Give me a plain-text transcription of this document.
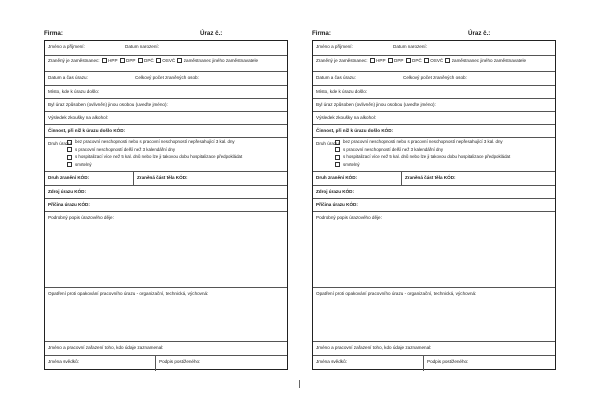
Firma:	Úraz č.:
Jméno a příjmení:	Datum narození:
Zraněný je zaměstnanec: HPP DPP DPČ OSVČ zaměstnanec jiného zaměstnavatele
Datum a čas úrazu:	Celkový počet zraněných osob:
Místo, kde k úrazu došlo:
Byl úraz způsoben (ovlivněn) jinou osobou (uveďte jméno):
Výsledek zkoušky na alkohol:
Činnost, při níž k úrazu došlo KÓD:
Druh úrazu: bez pracovní neschopnosti nebo s pracovní neschopností nepřesahující 3 kal. dny
s pracovní neschopností delší než 3 kalendářní dny
s hospitalizací více než 5 kal. dnů nebo lze ji takovou dobu hospitalizace předpokládat
smrtelný
Druh zranění KÓD:	Zraněná část těla KÓD:
Zdroj úrazu KÓD:
Příčina úrazu KÓD:
Podrobný popis úrazového děje:
Opatření proti opakování pracovního úrazu - organizační, technická, výchovná:
Jméno a pracovní zařazení toho, kdo údaje zaznamenal:
Jména svědků:	Podpis postiženého:
Firma:	Úraz č.:
Jméno a příjmení:	Datum narození:
Zraněný je zaměstnanec: HPP DPP DPČ OSVČ zaměstnanec jiného zaměstnavatele
Datum a čas úrazu:	Celkový počet zraněných osob:
Místo, kde k úrazu došlo:
Byl úraz způsoben (ovlivněn) jinou osobou (uveďte jméno):
Výsledek zkoušky na alkohol:
Činnost, při níž k úrazu došlo KÓD:
Druh úrazu: bez pracovní neschopnosti nebo s pracovní neschopností nepřesahující 3 kal. dny
s pracovní neschopností delší než 3 kalendářní dny
s hospitalizací více než 5 kal. dnů nebo lze ji takovou dobu hospitalizace předpokládat
smrtelný
Druh zranění KÓD:	Zraněná část těla KÓD:
Zdroj úrazu KÓD:
Příčina úrazu KÓD:
Podrobný popis úrazového děje:
Opatření proti opakování pracovního úrazu - organizační, technická, výchovná:
Jméno a pracovní zařazení toho, kdo údaje zaznamenal:
Jména svědků:	Podpis postiženého:
